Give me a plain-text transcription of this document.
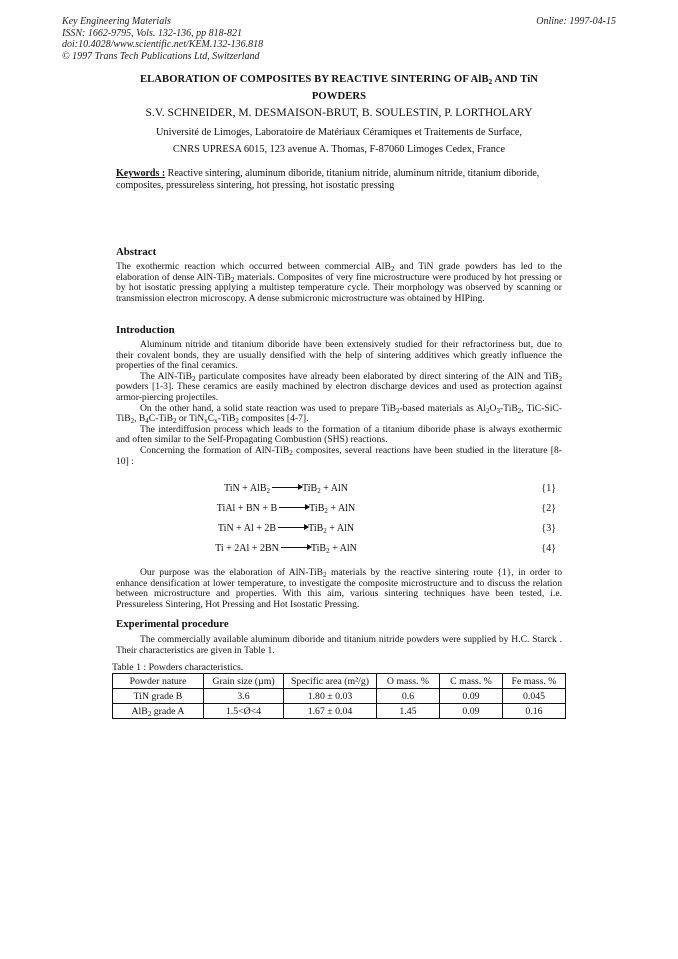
Key Engineering Materials
ISSN: 1662-9795, Vols. 132-136, pp 818-821
doi:10.4028/www.scientific.net/KEM.132-136.818
© 1997 Trans Tech Publications Ltd, Switzerland
Online: 1997-04-15
ELABORATION OF COMPOSITES BY REACTIVE SINTERING OF AlB$_2$ AND TiN
POWDERS
S.V. SCHNEIDER, M. DESMAISON-BRUT, B. SOULESTIN, P. LORTHOLARY
Université de Limoges, Laboratoire de Matériaux Céramiques et Traitements de Surface,
CNRS UPRESA 6015, 123 avenue A. Thomas, F-87060 Limoges Cedex, France
Keywords : Reactive sintering, aluminum diboride, titanium nitride, aluminum nitride, titanium diboride, composites, pressureless sintering, hot pressing, hot isostatic pressing
Abstract

The exothermic reaction which occurred between commercial AlB$_2$ and TiN grade powders has led to the elaboration of dense AlN-TiB$_2$ materials. Composites of very fine microstructure were produced by hot pressing or by hot isostatic pressing applying a multistep temperature cycle. Their morphology was observed by scanning or transmission electron microscopy. A dense submicronic microstructure was obtained by HIPing.

Introduction

Aluminum nitride and titanium diboride have been extensively studied for their refractoriness but, due to their covalent bonds, they are usually densified with the help of sintering additives which greatly influence the properties of the final ceramics.

The AlN-TiB$_2$ particulate composites have already been elaborated by direct sintering of the AlN and TiB$_2$ powders [1-3]. These ceramics are easily machined by electron discharge devices and used as protection against armor-piercing projectiles.

On the other hand, a solid state reaction was used to prepare TiB$_2$-based materials as $Al_2O_3-TiB_2$, TiC-SiC-TiB$_2$, $B_4C-TiB_2$ or $TiN_xC_x-TiB_2$ composites [4-7].

The interdiffusion process which leads to the formation of a titanium diboride phase is always exothermic and often similar to the Self-Propagating Combustion (SHS) reactions.

Concerning the formation of AlN-TiB$_2$ composites, several reactions have been studied in the literature [8-10] :

TiN + AlB$_2$ →TiB$_2$ + AlN	{1}
TiAl + BN + B →TiB$_2$ + AlN	{2}
TiN + Al + 2B →TiB$_2$ + AlN	{3}
Ti + 2Al + 2BN →TiB$_2$ + AlN	{4}

Our purpose was the elaboration of AlN-TiB$_2$ materials by the reactive sintering route {1}, in order to enhance densification at lower temperature, to investigate the composite microstructure and to discuss the relation between microstructure and properties. With this aim, various sintering techniques have been tested, i.e. Pressureless Sintering, Hot Pressing and Hot Isostatic Pressing.

Experimental procedure

The commercially available aluminum diboride and titanium nitride powders were supplied by H.C. Starck . Their characteristics are given in Table 1.

Table 1 : Powders characteristics.
Powder nature	Grain size (µm)	Specific area (m²/g)	O mass. %	C mass. %	Fe mass. %
TiN grade B	3.6	1.80 ± 0.03	0.6	0.09	0.045
AlB$_2$ grade A	1.5<Ø<4	1.67 ± 0.04	1.45	0.09	0.16
